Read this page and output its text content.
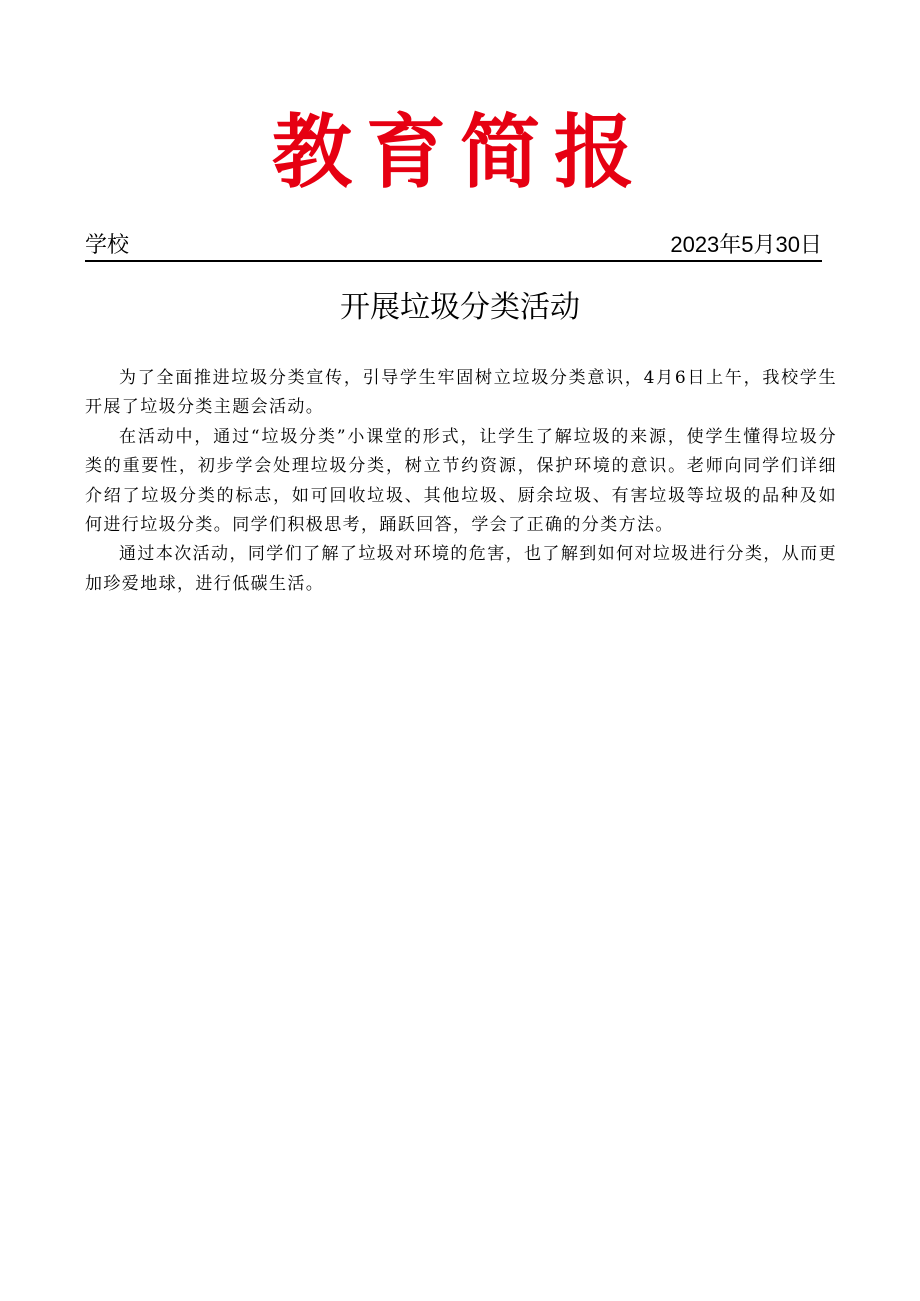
教育简报
学校	2023年5月30日
开展垃圾分类活动

为了全面推进垃圾分类宣传，引导学生牢固树立垃圾分类意识，4月6日上午，我校学生开展了垃圾分类主题会活动。

在活动中，通过“垃圾分类”小课堂的形式，让学生了解垃圾的来源，使学生懂得垃圾分类的重要性，初步学会处理垃圾分类，树立节约资源，保护环境的意识。老师向同学们详细介绍了垃圾分类的标志，如可回收垃圾、其他垃圾、厨余垃圾、有害垃圾等垃圾的品种及如何进行垃圾分类。同学们积极思考，踊跃回答，学会了正确的分类方法。

通过本次活动，同学们了解了垃圾对环境的危害，也了解到如何对垃圾进行分类，从而更加珍爱地球，进行低碳生活。
